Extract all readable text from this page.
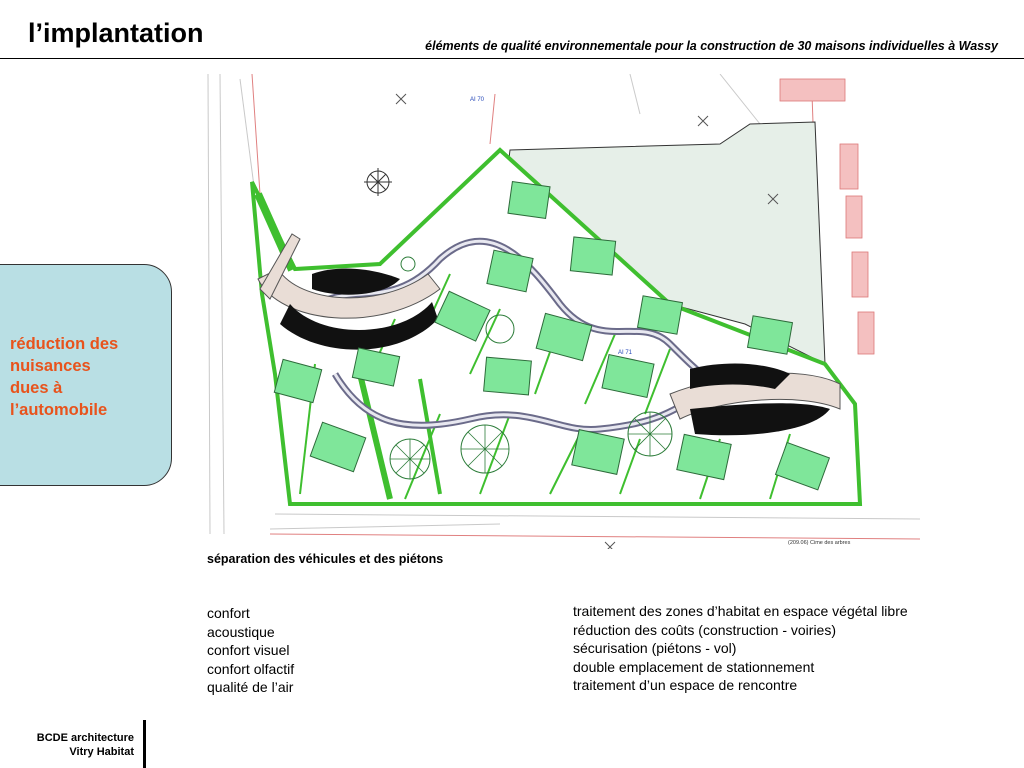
l’implantation	éléments de qualité environnementale pour la construction de 30 maisons individuelles à Wassy

réduction des
nuisances
dues à
l’automobile
AI 70
AI 71
(209.06) Cime des arbres
séparation des véhicules et des piétons
confort
acoustique
confort visuel
confort olfactif
qualité de l’air
traitement des zones d’habitat en espace végétal libre
réduction des coûts (construction - voiries)
sécurisation (piétons - vol)
double emplacement de stationnement
traitement d’un espace de rencontre
BCDE architecture
Vitry Habitat
